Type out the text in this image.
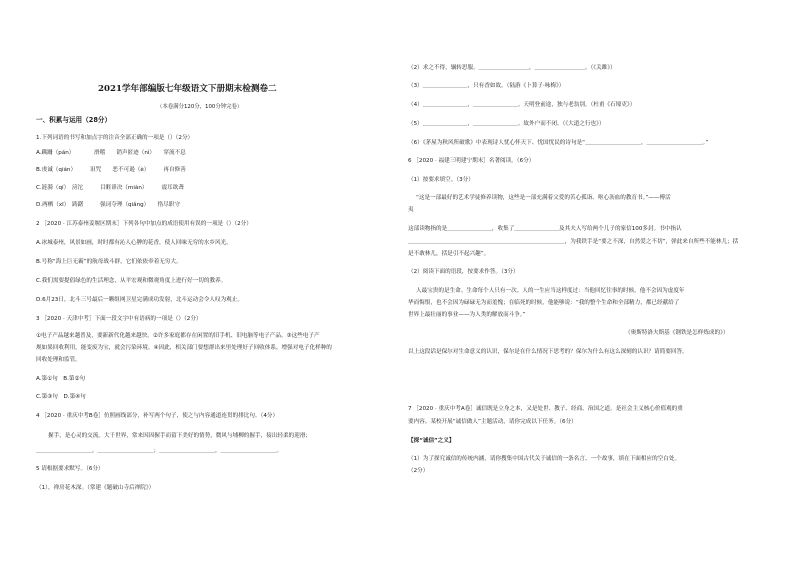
2021学年部编版七年级语文下册期末检测卷二
（本卷满分120分，100分钟完卷）
一、积累与运用（28分）
1.下列词语的书写和加点字的注音全部正确的一项是（）（2分）
A.蹒跚（pán）　　　　滑稽　　销声匿迹（nì）　　穿流不息
B.虔诚（qián）　　　诅咒　　恶不可遏（è）　　　再自修善
C.涟漪（qí）　滂沱　　　目睚诽决（mián）　　　震耳欲聋
D.两栖（xī）　踌躇　　　强词夺理（qiǎng）　　恪尽职守
2 ［2020 · 江苏泰州姜堰区期末］下列各句中加点的成语使用有误的一项是（）（2分）
A.冰城泰州，风景如画，时时都有沁人心脾的花香，使人回味无穷的水乡风光。
B.号称“海上巨无霸”的航母战斗群，它们依依牵着无穷大。
C.我们需要提倡绿色的生活理念，从平宏观和微观角度上进行好一切的教养。
D.6月23日，北斗三号最后一颗组网卫星完满成功发射，北斗运动会令人叹为观止。
3 ［2020 · 天津中考］下面一段文字中有语病的一项是（）（2分）
①电子产品越来越普及，要新新代化越来越快。②许多家庭都存在闲置的旧手机、旧电脑等电子产品。③这些电子产
规如果回收利用，能变废为宝，就会污染环境。④因此，相关部门要想群出来里处理好子回收体系，增强对电子化样种的
回收处理和监管。
A.第①句　B.第②句
C.第③句　D.第④句
4 ［2020 · 重庆中考B卷］仿照画线部分，补写两个句子，使之与内容通道连贯的排比句。（4分）
握手，是心灵的交流。大千世界，常来因因握手而留下美好的情势，微风与埔柳的握手，接出轻柔的迎滑；
＿＿＿＿＿＿＿＿＿＿，＿＿＿＿＿＿＿＿＿＿；＿＿＿＿＿＿＿＿＿＿，＿＿＿＿＿＿＿＿＿＿。
5 请根据要求默写。（6分）
（1），禅房花木深。（常建《题破山寺后禅院》）
（2）求之不得，辗转思服。＿＿＿＿＿＿＿＿＿，＿＿＿＿＿＿＿＿＿。（《关雎》）
（3）＿＿＿＿＿＿＿＿，只有香如故。（陆游《卜算子·咏梅》）
（4）＿＿＿＿＿＿＿＿，＿＿＿＿＿＿＿＿。天明登前途，独与老翁别。（杜甫《石壕吏》）
（5）＿＿＿＿＿＿＿＿，＿＿＿＿＿＿＿＿。故外户而不闭。（《大道之行也》）
（6）《茅屋为秋风所破歌》中表现诗人忧心怀天下、忧国忧民的诗句是“＿＿＿＿＿＿＿＿＿＿，＿＿＿＿＿＿＿＿＿＿。”
6 ［2020 · 福建三明建宁期末］名著阅读。（6分）
（1）按要求填空。（3分）
“这是一部最好的艺术学徒修养读物，这些是一部充满着父爱的苦心孤诣、呕心沥血的教育书。”——傅活
夷
这部读物指的是＿＿＿＿＿＿＿＿，收集了＿＿＿＿＿＿＿＿及其夫人写给两个儿子的家信100多封。书中指认
＿＿＿＿＿＿＿＿＿＿＿＿＿＿＿＿＿＿＿＿＿＿＿＿＿＿＿＿，为我铁手是“要之不深，自然爱之不切”，弹此来自所些不能林儿；括
是不敢林儿，括是引不起兴趣”。
（2）阅读下面的语段，按要求作答。（3分）
人最宝贵的是生命。生命每个人只有一次。人的一生应当这样度过：当他回忆往事的时候，他不会因为虚度年
华而悔恨，也不会因为碌碌无为而羞愧；在临死的时候，他能够说：“我的整个生命和全部精力，都已经献给了
世界上最壮丽的事业——为人类的解放而斗争。”
（奥斯特洛夫斯基《钢铁是怎样炼成的》）
以上这段话是保尔对生命意义的认识，保尔是在什么情况下思考的？保尔为什么有这么深刻的认识？请简要回答。
7 ［2020 · 重庆中考A卷］诚信既是立身之本，又是处世、教子、经商、治国之道，是社会主义核心价值观的重
要内容。某校开展“诚信做人”主题活动，请你完成以下任务。（6分）
【探“诚信”之义】
（1）为了探究诚信的传统内涵，请你搜集中国古代关于诚信的一条名言、一个故事，填在下面相应的空白处。
（2分）
